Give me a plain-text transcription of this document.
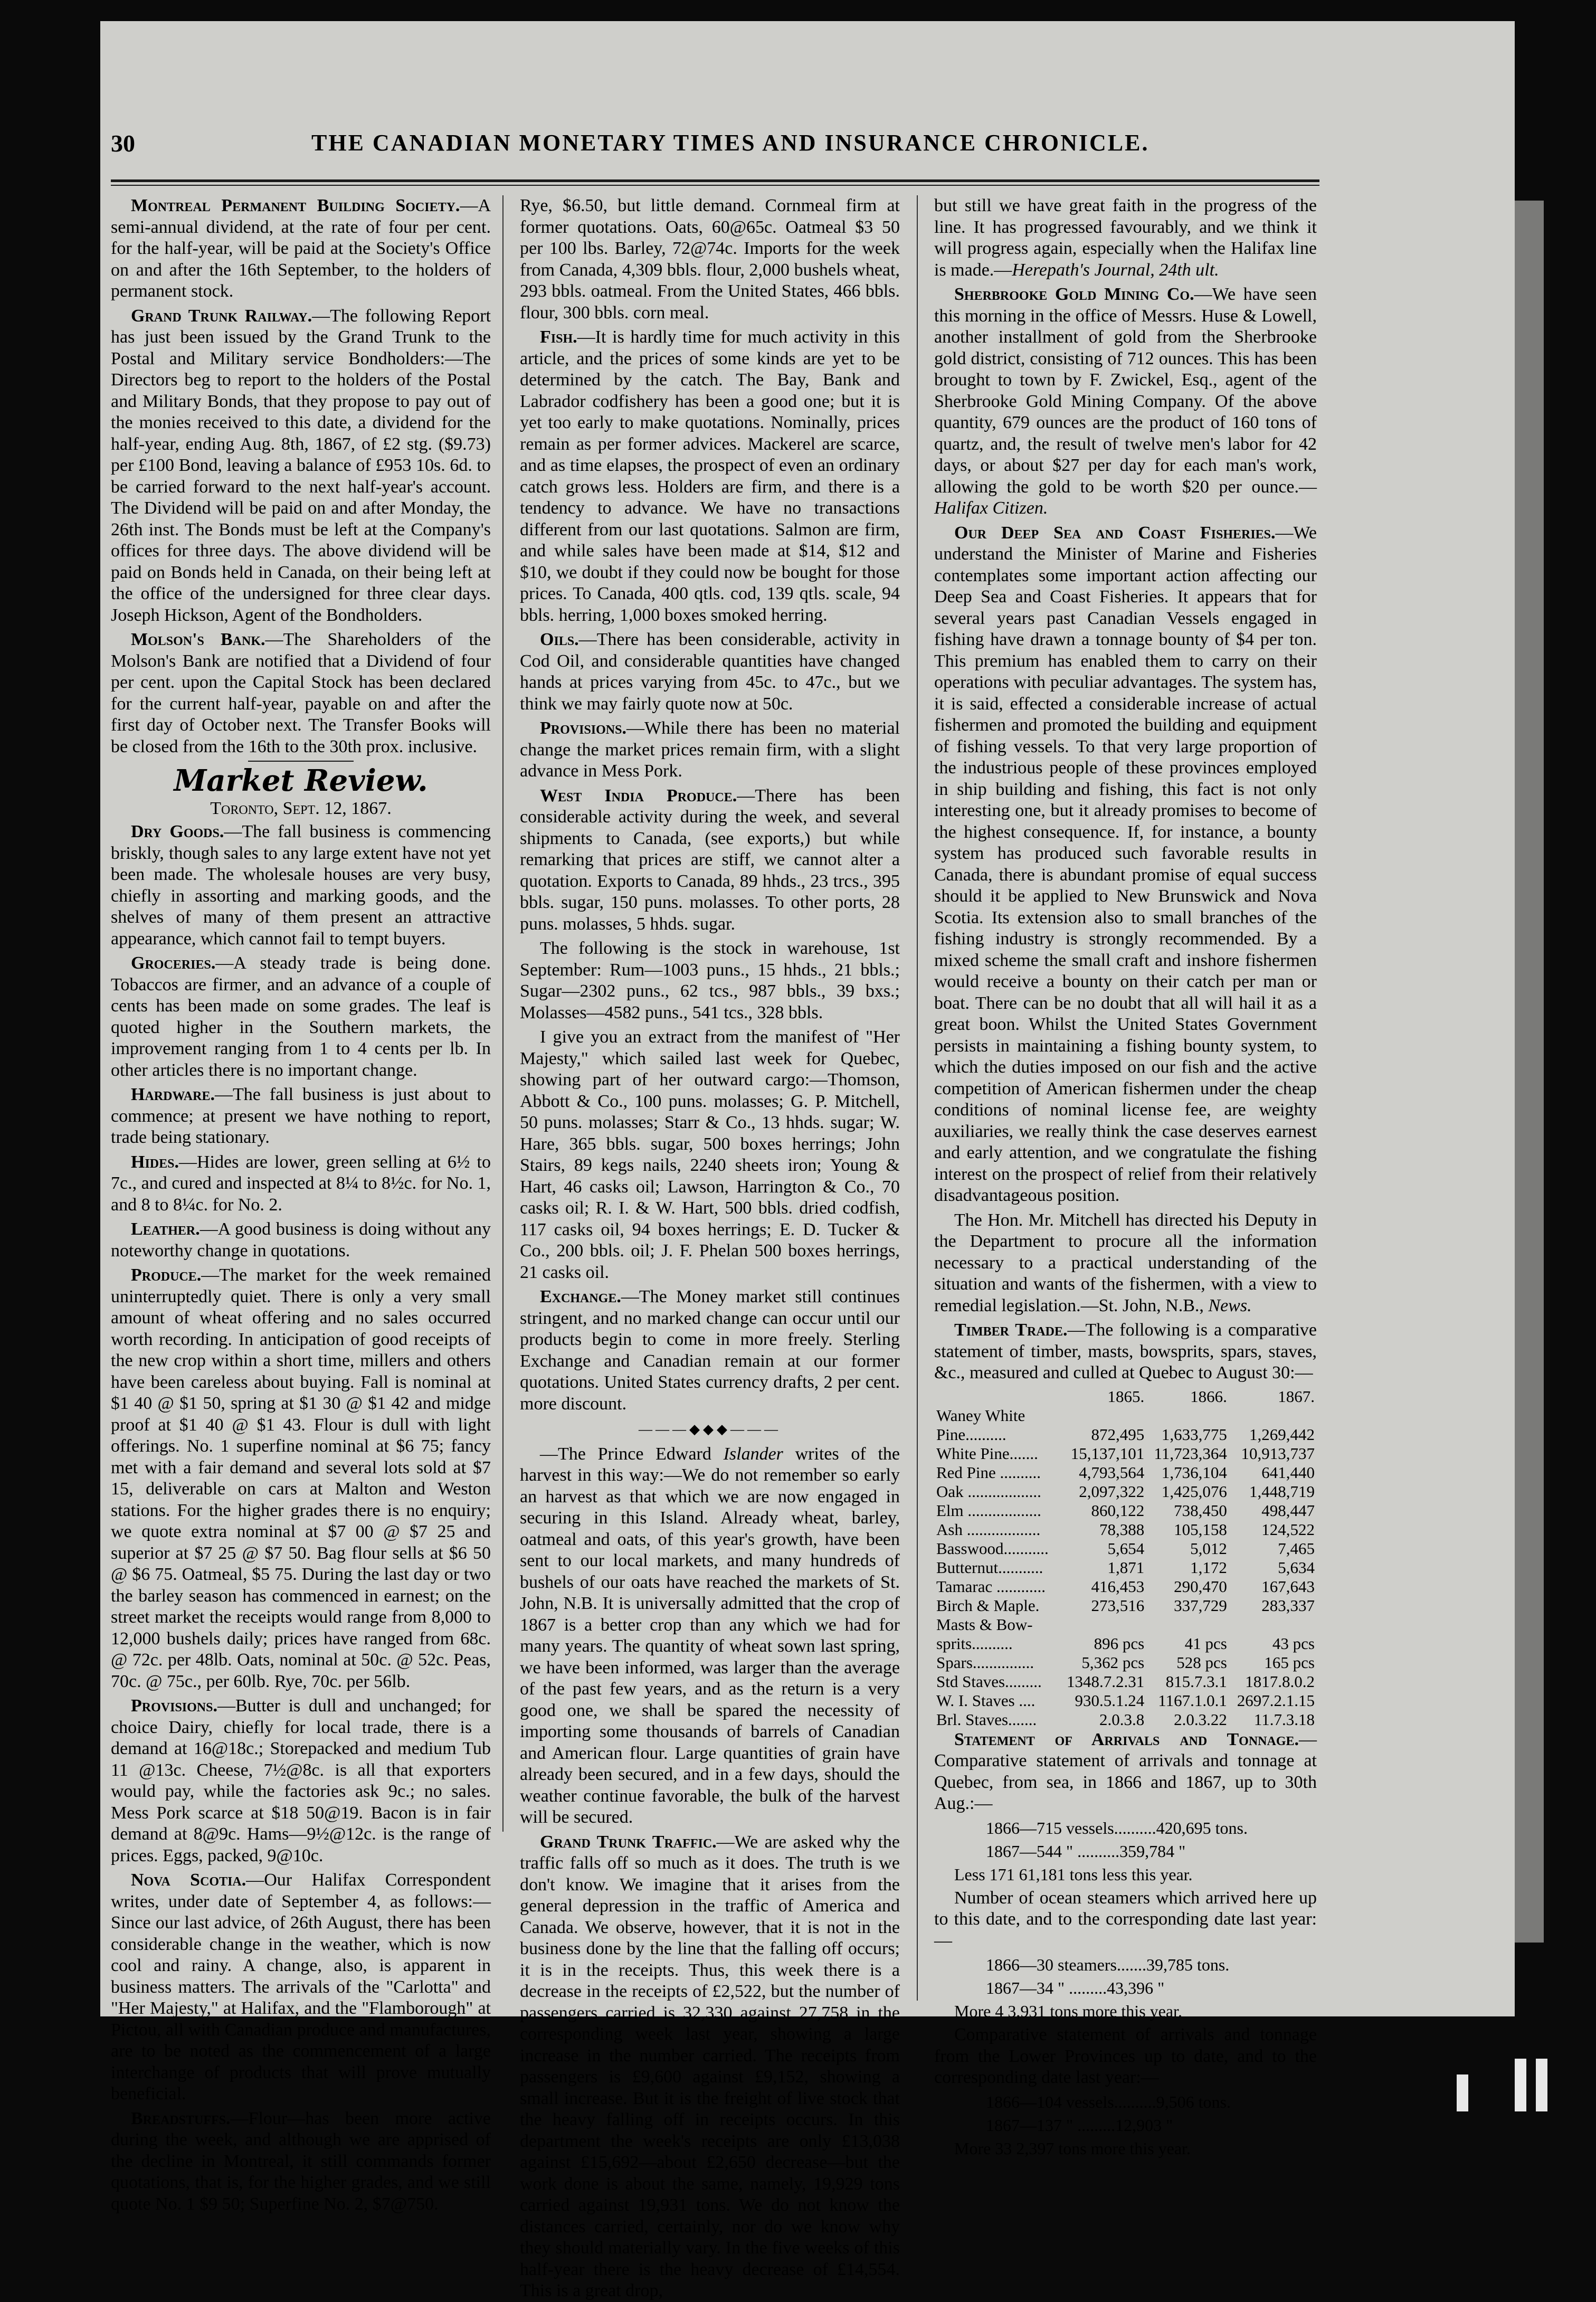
30	THE CANADIAN MONETARY TIMES AND INSURANCE CHRONICLE.

Montreal Permanent Building Society.—A semi-annual dividend, at the rate of four per cent. for the half-year, will be paid at the Society's Office on and after the 16th September, to the holders of permanent stock.

Grand Trunk Railway.—The following Report has just been issued by the Grand Trunk to the Postal and Military service Bondholders:—The Directors beg to report to the holders of the Postal and Military Bonds, that they propose to pay out of the monies received to this date, a dividend for the half-year, ending Aug. 8th, 1867, of £2 stg. ($9.73) per £100 Bond, leaving a balance of £953 10s. 6d. to be carried forward to the next half-year's account. The Dividend will be paid on and after Monday, the 26th inst. The Bonds must be left at the Company's offices for three days. The above dividend will be paid on Bonds held in Canada, on their being left at the office of the undersigned for three clear days. Joseph Hickson, Agent of the Bondholders.

Molson's Bank.—The Shareholders of the Molson's Bank are notified that a Dividend of four per cent. upon the Capital Stock has been declared for the current half-year, payable on and after the first day of October next. The Transfer Books will be closed from the 16th to the 30th prox. inclusive.

Market Review.
Toronto, Sept. 12, 1867.

Dry Goods.—The fall business is commencing briskly, though sales to any large extent have not yet been made. The wholesale houses are very busy, chiefly in assorting and marking goods, and the shelves of many of them present an attractive appearance, which cannot fail to tempt buyers.

Groceries.—A steady trade is being done. Tobaccos are firmer, and an advance of a couple of cents has been made on some grades. The leaf is quoted higher in the Southern markets, the improvement ranging from 1 to 4 cents per lb. In other articles there is no important change.

Hardware.—The fall business is just about to commence; at present we have nothing to report, trade being stationary.

Hides.—Hides are lower, green selling at 6½ to 7c., and cured and inspected at 8¼ to 8½c. for No. 1, and 8 to 8¼c. for No. 2.

Leather.—A good business is doing without any noteworthy change in quotations.

Produce.—The market for the week remained uninterruptedly quiet. There is only a very small amount of wheat offering and no sales occurred worth recording. In anticipation of good receipts of the new crop within a short time, millers and others have been careless about buying. Fall is nominal at $1 40 @ $1 50, spring at $1 30 @ $1 42 and midge proof at $1 40 @ $1 43. Flour is dull with light offerings. No. 1 superfine nominal at $6 75; fancy met with a fair demand and several lots sold at $7 15, deliverable on cars at Malton and Weston stations. For the higher grades there is no enquiry; we quote extra nominal at $7 00 @ $7 25 and superior at $7 25 @ $7 50. Bag flour sells at $6 50 @ $6 75. Oatmeal, $5 75. During the last day or two the barley season has commenced in earnest; on the street market the receipts would range from 8,000 to 12,000 bushels daily; prices have ranged from 68c. @ 72c. per 48lb. Oats, nominal at 50c. @ 52c. Peas, 70c. @ 75c., per 60lb. Rye, 70c. per 56lb.

Provisions.—Butter is dull and unchanged; for choice Dairy, chiefly for local trade, there is a demand at 16@18c.; Storepacked and medium Tub 11 @13c. Cheese, 7½@8c. is all that exporters would pay, while the factories ask 9c.; no sales. Mess Pork scarce at $18 50@19. Bacon is in fair demand at 8@9c. Hams—9½@12c. is the range of prices. Eggs, packed, 9@10c.

Nova Scotia.—Our Halifax Correspondent writes, under date of September 4, as follows:—Since our last advice, of 26th August, there has been considerable change in the weather, which is now cool and rainy. A change, also, is apparent in business matters. The arrivals of the "Carlotta" and "Her Majesty," at Halifax, and the "Flamborough" at Pictou, all with Canadian produce and manufactures, are to be noted as the commencement of a large interchange of products that will prove mutually beneficial.

Breadstuffs.—Flour—has been more active during the week, and although we are apprised of the decline in Montreal, it still commands former quotations, that is, for the higher grades, and we still quote No. 1 $9 50; Superfine No. 2, $7@750.

Rye, $6.50, but little demand. Cornmeal firm at former quotations. Oats, 60@65c. Oatmeal $3 50 per 100 lbs. Barley, 72@74c. Imports for the week from Canada, 4,309 bbls. flour, 2,000 bushels wheat, 293 bbls. oatmeal. From the United States, 466 bbls. flour, 300 bbls. corn meal.

Fish.—It is hardly time for much activity in this article, and the prices of some kinds are yet to be determined by the catch. The Bay, Bank and Labrador codfishery has been a good one; but it is yet too early to make quotations. Nominally, prices remain as per former advices. Mackerel are scarce, and as time elapses, the prospect of even an ordinary catch grows less. Holders are firm, and there is a tendency to advance. We have no transactions different from our last quotations. Salmon are firm, and while sales have been made at $14, $12 and $10, we doubt if they could now be bought for those prices. To Canada, 400 qtls. cod, 139 qtls. scale, 94 bbls. herring, 1,000 boxes smoked herring.

Oils.—There has been considerable, activity in Cod Oil, and considerable quantities have changed hands at prices varying from 45c. to 47c., but we think we may fairly quote now at 50c.

Provisions.—While there has been no material change the market prices remain firm, with a slight advance in Mess Pork.

West India Produce.—There has been considerable activity during the week, and several shipments to Canada, (see exports,) but while remarking that prices are stiff, we cannot alter a quotation. Exports to Canada, 89 hhds., 23 trcs., 395 bbls. sugar, 150 puns. molasses. To other ports, 28 puns. molasses, 5 hhds. sugar.

The following is the stock in warehouse, 1st September: Rum—1003 puns., 15 hhds., 21 bbls.; Sugar—2302 puns., 62 tcs., 987 bbls., 39 bxs.; Molasses—4582 puns., 541 tcs., 328 bbls.

I give you an extract from the manifest of "Her Majesty," which sailed last week for Quebec, showing part of her outward cargo:—Thomson, Abbott & Co., 100 puns. molasses; G. P. Mitchell, 50 puns. molasses; Starr & Co., 13 hhds. sugar; W. Hare, 365 bbls. sugar, 500 boxes herrings; John Stairs, 89 kegs nails, 2240 sheets iron; Young & Hart, 46 casks oil; Lawson, Harrington & Co., 70 casks oil; R. I. & W. Hart, 500 bbls. dried codfish, 117 casks oil, 94 boxes herrings; E. D. Tucker & Co., 200 bbls. oil; J. F. Phelan 500 boxes herrings, 21 casks oil.

Exchange.—The Money market still continues stringent, and no marked change can occur until our products begin to come in more freely. Sterling Exchange and Canadian remain at our former quotations. United States currency drafts, 2 per cent. more discount.

———◆◆◆———

—The Prince Edward Islander writes of the harvest in this way:—We do not remember so early an harvest as that which we are now engaged in securing in this Island. Already wheat, barley, oatmeal and oats, of this year's growth, have been sent to our local markets, and many hundreds of bushels of our oats have reached the markets of St. John, N.B. It is universally admitted that the crop of 1867 is a better crop than any which we had for many years. The quantity of wheat sown last spring, we have been informed, was larger than the average of the past few years, and as the return is a very good one, we shall be spared the necessity of importing some thousands of barrels of Canadian and American flour. Large quantities of grain have already been secured, and in a few days, should the weather continue favorable, the bulk of the harvest will be secured.

Grand Trunk Traffic.—We are asked why the traffic falls off so much as it does. The truth is we don't know. We imagine that it arises from the general depression in the traffic of America and Canada. We observe, however, that it is not in the business done by the line that the falling off occurs; it is in the receipts. Thus, this week there is a decrease in the receipts of £2,522, but the number of passengers carried is 32,330 against 27,758 in the corresponding week last year, showing a large increase in the number carried. The receipts from passengers is £9,600 against £9,152, showing a small increase. But it is the freight of live stock that the heavy falling off in receipts occurs. In this department the week's receipts are only £13,038 against £15,692—about £2,650 decrease—but the work done is about the same, namely, 19,929 tons carried against 19,931 tons. We do not know the distances carried, certainly, nor do we know why they should materially vary. In the five weeks of this half-year there is the heavy decrease of £14,554. This is a great drop,

but still we have great faith in the progress of the line. It has progressed favourably, and we think it will progress again, especially when the Halifax line is made.—Herepath's Journal, 24th ult.

Sherbrooke Gold Mining Co.—We have seen this morning in the office of Messrs. Huse & Lowell, another installment of gold from the Sherbrooke gold district, consisting of 712 ounces. This has been brought to town by F. Zwickel, Esq., agent of the Sherbrooke Gold Mining Company. Of the above quantity, 679 ounces are the product of 160 tons of quartz, and, the result of twelve men's labor for 42 days, or about $27 per day for each man's work, allowing the gold to be worth $20 per ounce.—Halifax Citizen.

Our Deep Sea and Coast Fisheries.—We understand the Minister of Marine and Fisheries contemplates some important action affecting our Deep Sea and Coast Fisheries. It appears that for several years past Canadian Vessels engaged in fishing have drawn a tonnage bounty of $4 per ton. This premium has enabled them to carry on their operations with peculiar advantages. The system has, it is said, effected a considerable increase of actual fishermen and promoted the building and equipment of fishing vessels. To that very large proportion of the industrious people of these provinces employed in ship building and fishing, this fact is not only interesting one, but it already promises to become of the highest consequence. If, for instance, a bounty system has produced such favorable results in Canada, there is abundant promise of equal success should it be applied to New Brunswick and Nova Scotia. Its extension also to small branches of the fishing industry is strongly recommended. By a mixed scheme the small craft and inshore fishermen would receive a bounty on their catch per man or boat. There can be no doubt that all will hail it as a great boon. Whilst the United States Government persists in maintaining a fishing bounty system, to which the duties imposed on our fish and the active competition of American fishermen under the cheap conditions of nominal license fee, are weighty auxiliaries, we really think the case deserves earnest and early attention, and we congratulate the fishing interest on the prospect of relief from their relatively disadvantageous position.

The Hon. Mr. Mitchell has directed his Deputy in the Department to procure all the information necessary to a practical understanding of the situation and wants of the fishermen, with a view to remedial legislation.—St. John, N.B., News.

Timber Trade.—The following is a comparative statement of timber, masts, bowsprits, spars, staves, &c., measured and culled at Quebec to August 30:—

	1865.	1866.	1867.
Waney White			
Pine..........	872,495	1,633,775	1,269,442
White Pine.......	15,137,101	11,723,364	10,913,737
Red Pine ..........	4,793,564	1,736,104	641,440
Oak ..................	2,097,322	1,425,076	1,448,719
Elm ..................	860,122	738,450	498,447
Ash ..................	78,388	105,158	124,522
Basswood...........	5,654	5,012	7,465
Butternut...........	1,871	1,172	5,634
Tamarac ............	416,453	290,470	167,643
Birch & Maple.	273,516	337,729	283,337
Masts & Bow-			
sprits..........	896 pcs	41 pcs	43 pcs
Spars...............	5,362 pcs	528 pcs	165 pcs
Std Staves.........	1348.7.2.31	815.7.3.1	1817.8.0.2
W. I. Staves ....	930.5.1.24	1167.1.0.1	2697.2.1.15
Brl. Staves.......	2.0.3.8	2.0.3.22	11.7.3.18

Statement of Arrivals and Tonnage.—Comparative statement of arrivals and tonnage at Quebec, from sea, in 1866 and 1867, up to 30th Aug.:—

1866—715 vessels..........420,695 tons.

1867—544 " ..........359,784 "

Less 171 61,181 tons less this year.

Number of ocean steamers which arrived here up to this date, and to the corresponding date last year:—

1866—30 steamers.......39,785 tons.

1867—34 " .........43,396 "

More 4 3,931 tons more this year.

Comparative statement of arrivals and tonnage from the Lower Provinces up to date, and to the corresponding date last year:—

1866—104 vessels..........9,506 tons.

1867—137 " .........12,903 "

More 33 2,397 tons more this year.
